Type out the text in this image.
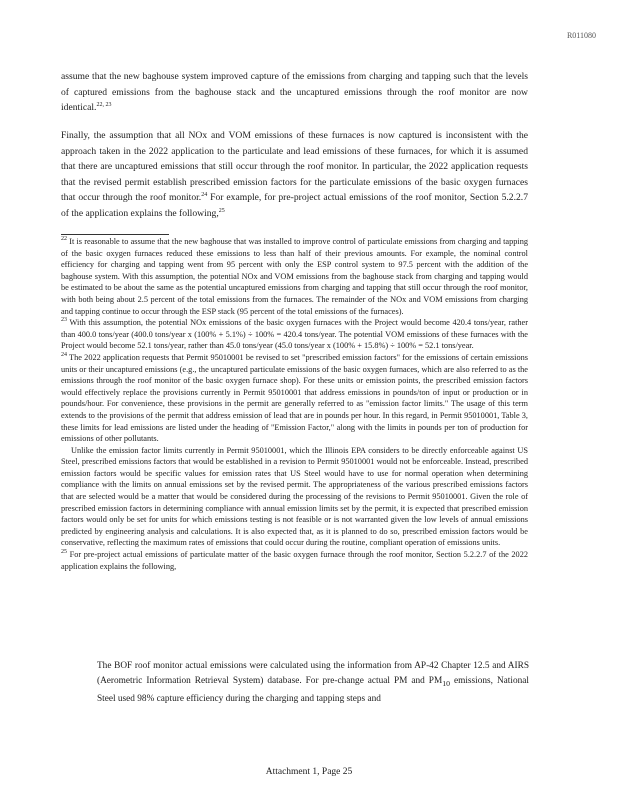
R011080

assume that the new baghouse system improved capture of the emissions from charging and tapping such that the levels of captured emissions from the baghouse stack and the uncaptured emissions through the roof monitor are now identical.$^{22, 23}$

Finally, the assumption that all NOx and VOM emissions of these furnaces is now captured is inconsistent with the approach taken in the 2022 application to the particulate and lead emissions of these furnaces, for which it is assumed that there are uncaptured emissions that still occur through the roof monitor. In particular, the 2022 application requests that the revised permit establish prescribed emission factors for the particulate emissions of the basic oxygen furnaces that occur through the roof monitor.$^{24}$ For example, for pre-project actual emissions of the roof monitor, Section 5.2.2.7 of the application explains the following,$^{25}$

$^{22}$ It is reasonable to assume that the new baghouse that was installed to improve control of particulate emissions from charging and tapping of the basic oxygen furnaces reduced these emissions to less than half of their previous amounts. For example, the nominal control efficiency for charging and tapping went from 95 percent with only the ESP control system to 97.5 percent with the addition of the baghouse system. With this assumption, the potential NOx and VOM emissions from the baghouse stack from charging and tapping would be estimated to be about the same as the potential uncaptured emissions from charging and tapping that still occur through the roof monitor, with both being about 2.5 percent of the total emissions from the furnaces. The remainder of the NOx and VOM emissions from charging and tapping continue to occur through the ESP stack (95 percent of the total emissions of the furnaces).

$^{23}$ With this assumption, the potential NOx emissions of the basic oxygen furnaces with the Project would become 420.4 tons/year, rather than 400.0 tons/year (400.0 tons/year x (100% + 5.1%) ÷ 100% = 420.4 tons/year. The potential VOM emissions of these furnaces with the Project would become 52.1 tons/year, rather than 45.0 tons/year (45.0 tons/year x (100% + 15.8%) ÷ 100% = 52.1 tons/year.

$^{24}$ The 2022 application requests that Permit 95010001 be revised to set "prescribed emission factors" for the emissions of certain emissions units or their uncaptured emissions (e.g., the uncaptured particulate emissions of the basic oxygen furnaces, which are also referred to as the emissions through the roof monitor of the basic oxygen furnace shop). For these units or emission points, the prescribed emission factors would effectively replace the provisions currently in Permit 95010001 that address emissions in pounds/ton of input or production or in pounds/hour. For convenience, these provisions in the permit are generally referred to as "emission factor limits." The usage of this term extends to the provisions of the permit that address emission of lead that are in pounds per hour. In this regard, in Permit 95010001, Table 3, these limits for lead emissions are listed under the heading of "Emission Factor," along with the limits in pounds per ton of production for emissions of other pollutants.

Unlike the emission factor limits currently in Permit 95010001, which the Illinois EPA considers to be directly enforceable against US Steel, prescribed emissions factors that would be established in a revision to Permit 95010001 would not be enforceable. Instead, prescribed emission factors would be specific values for emission rates that US Steel would have to use for normal operation when determining compliance with the limits on annual emissions set by the revised permit. The appropriateness of the various prescribed emissions factors that are selected would be a matter that would be considered during the processing of the revisions to Permit 95010001. Given the role of prescribed emission factors in determining compliance with annual emission limits set by the permit, it is expected that prescribed emission factors would only be set for units for which emissions testing is not feasible or is not warranted given the low levels of annual emissions predicted by engineering analysis and calculations. It is also expected that, as it is planned to do so, prescribed emission factors would be conservative, reflecting the maximum rates of emissions that could occur during the routine, compliant operation of emissions units.

$^{25}$ For pre-project actual emissions of particulate matter of the basic oxygen furnace through the roof monitor, Section 5.2.2.7 of the 2022 application explains the following,

The BOF roof monitor actual emissions were calculated using the information from AP-42 Chapter 12.5 and AIRS (Aerometric Information Retrieval System) database. For pre-change actual PM and $PM_{10}$ emissions, National Steel used 98% capture efficiency during the charging and tapping steps and

Attachment 1, Page 25
